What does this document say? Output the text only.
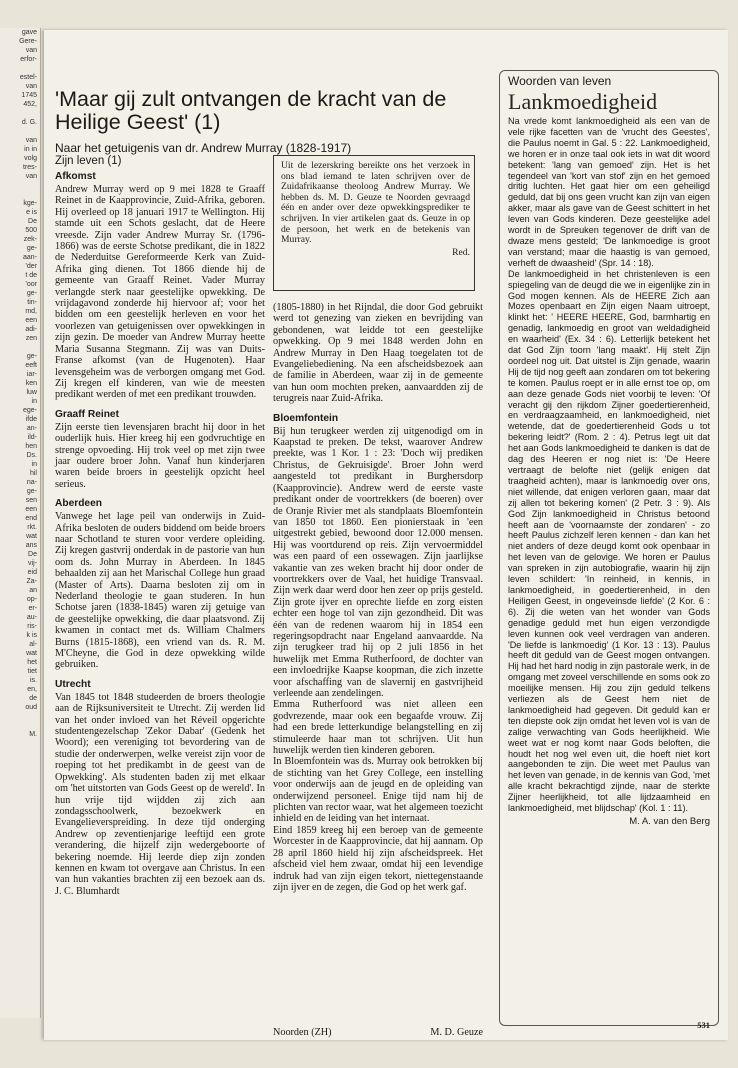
gave
Gere-
van
erfor-

estel-
van
1745
452,

d. G.

van
in in
volg
tres-
van

kge-
e is
De
500
zek-
ge-
aan-
'der
t de
'oor
ge-
tin-
md,
een
adi-
zen

ge-
eeft
iar-
ken
luw
in
ege-
ifde
an-
ild-
hen
Ds.
in
hil
na-
ge-
sen
een
end
rkt.
wat
ans
De
vij-
eid
Za-
an
op-
er-
au-
ris-
k is
al-
wat
het
tiet
is.
en,
de
oud

M.
'Maar gij zult ontvangen de kracht van de Heilige Geest' (1)
Naar het getuigenis van dr. Andrew Murray (1828-1917)
Zijn leven (1)
Afkomst

Andrew Murray werd op 9 mei 1828 te Graaff Reinet in de Kaapprovincie, Zuid-Afrika, geboren. Hij overleed op 18 januari 1917 te Wellington. Hij stamde uit een Schots geslacht, dat de Heere vreesde. Zijn vader Andrew Murray Sr. (1796-1866) was de eerste Schotse predikant, die in 1822 de Nederduitse Gereformeerde Kerk van Zuid-Afrika ging dienen. Tot 1866 diende hij de gemeente van Graaff Reinet. Vader Murray verlangde sterk naar geestelijke opwekking. De vrijdagavond zonderde hij hiervoor af; voor het bidden om een geestelijk herleven en voor het voorlezen van getuigenissen over opwekkingen in zijn gezin. De moeder van Andrew Murray heette Maria Susanna Stegmann. Zij was van Duits-Franse afkomst (van de Hugenoten). Haar levensgeheim was de verborgen omgang met God. Zij kregen elf kinderen, van wie de meesten predikant werden of met een predikant trouwden.

Graaff Reinet

Zijn eerste tien levensjaren bracht hij door in het ouderlijk huis. Hier kreeg hij een godvruchtige en strenge opvoeding. Hij trok veel op met zijn twee jaar oudere broer John. Vanaf hun kinderjaren waren beide broers in geestelijk opzicht heel serieus.

Aberdeen

Vanwege het lage peil van onderwijs in Zuid-Afrika besloten de ouders biddend om beide broers naar Schotland te sturen voor verdere opleiding. Zij kregen gastvrij onderdak in de pastorie van hun oom ds. John Murray in Aberdeen. In 1845 behaalden zij aan het Marischal College hun graad (Master of Arts). Daarna besloten zij om in Nederland theologie te gaan studeren. In hun Schotse jaren (1838-1845) waren zij getuige van de geestelijke opwekking, die daar plaatsvond. Zij kwamen in contact met ds. William Chalmers Burns (1815-1868), een vriend van ds. R. M. M'Cheyne, die God in deze opwekking wilde gebruiken.

Utrecht

Van 1845 tot 1848 studeerden de broers theologie aan de Rijksuniversiteit te Utrecht. Zij werden lid van het onder invloed van het Réveil opgerichte studentengezelschap 'Zekor Dabar' (Gedenk het Woord); een vereniging tot bevordering van de studie der onderwerpen, welke vereist zijn voor de roeping tot het predikambt in de geest van de Opwekking'. Als studenten baden zij met elkaar om 'het uitstorten van Gods Geest op de wereld'. In hun vrije tijd wijdden zij zich aan zondagsschoolwerk, bezoekwerk en Evangelieverspreiding. In deze tijd onderging Andrew op zeventienjarige leeftijd een grote verandering, die hijzelf zijn wedergeboorte of bekering noemde. Hij leerde diep zijn zonden kennen en kwam tot overgave aan Christus. In een van hun vakanties brachten zij een bezoek aan ds. J. C. Blumhardt

Uit de lezerskring bereikte ons het verzoek in ons blad iemand te laten schrijven over de Zuidafrikaanse theoloog Andrew Murray. We hebben ds. M. D. Geuze te Noorden gevraagd één en ander over deze opwekkingsprediker te schrijven. In vier artikelen gaat ds. Geuze in op de persoon, het werk en de betekenis van Murray.

Red.

(1805-1880) in het Rijndal, die door God gebruikt werd tot genezing van zieken en bevrijding van gebondenen, wat leidde tot een geestelijke opwekking. Op 9 mei 1848 werden John en Andrew Murray in Den Haag toegelaten tot de Evangeliebediening. Na een afscheidsbezoek aan de familie in Aberdeen, waar zij in de gemeente van hun oom mochten preken, aanvaardden zij de terugreis naar Zuid-Afrika.

Bloemfontein

Bij hun terugkeer werden zij uitgenodigd om in Kaapstad te preken. De tekst, waarover Andrew preekte, was 1 Kor. 1 : 23: 'Doch wij prediken Christus, de Gekruisigde'. Broer John werd aangesteld tot predikant in Burghersdorp (Kaapprovincie). Andrew werd de eerste vaste predikant onder de voortrekkers (de boeren) over de Oranje Rivier met als standplaats Bloemfontein van 1850 tot 1860. Een pionierstaak in 'een uitgestrekt gebied, bewoond door 12.000 mensen. Hij was voortdurend op reis. Zijn vervoermiddel was een paard of een ossewagen. Zijn jaarlijkse vakantie van zes weken bracht hij door onder de voortrekkers over de Vaal, het huidige Transvaal. Zijn werk daar werd door hen zeer op prijs gesteld. Zijn grote ijver en oprechte liefde en zorg eisten echter een hoge tol van zijn gezondheid. Dit was één van de redenen waarom hij in 1854 een regeringsopdracht naar Engeland aanvaardde. Na zijn terugkeer trad hij op 2 juli 1856 in het huwelijk met Emma Rutherfoord, de dochter van een invloedrijke Kaapse koopman, die zich inzette voor afschaffing van de slavernij en gastvrijheid verleende aan zendelingen.

Emma Rutherfoord was niet alleen een godvrezende, maar ook een begaafde vrouw. Zij had een brede letterkundige belangstelling en zij stimuleerde haar man tot schrijven. Uit hun huwelijk werden tien kinderen geboren.

In Bloemfontein was ds. Murray ook betrokken bij de stichting van het Grey College, een instelling voor onderwijs aan de jeugd en de opleiding van onderwijzend personeel. Enige tijd nam hij de plichten van rector waar, wat het algemeen toezicht inhield en de leiding van het internaat.

Eind 1859 kreeg hij een beroep van de gemeente Worcester in de Kaapprovincie, dat hij aannam. Op 28 april 1860 hield hij zijn afscheidspreek. Het afscheid viel hem zwaar, omdat hij een levendige indruk had van zijn eigen tekort, niettegenstaande zijn ijver en de zegen, die God op het werk gaf.

Noorden (ZH)	M. D. Geuze
Woorden van leven
Lankmoedigheid

Na vrede komt lankmoedigheid als een van de vele rijke facetten van de 'vrucht des Geestes', die Paulus noemt in Gal. 5 : 22. Lankmoedigheid, we horen er in onze taal ook iets in wat dit woord betekent: 'lang van gemoed' zijn. Het is het tegendeel van 'kort van stof' zijn en het gemoed dritig luchten. Het gaat hier om een geheiligd geduld, dat bij ons geen vrucht kan zijn van eigen akker, maar als gave van de Geest schittert in het leven van Gods kinderen. Deze geestelijke adel wordt in de Spreuken tegenover de drift van de dwaze mens gesteld; 'De lankmoedige is groot van verstand; maar die haastig is van gemoed, verheft de dwaasheid' (Spr. 14 : 18).

De lankmoedigheid in het christenleven is een spiegeling van de deugd die we in eigenlijke zin in God mogen kennen. Als de HEERE Zich aan Mozes openbaart en Zijn eigen Naam uitroept, klinkt het: ' HEERE HEERE, God, barmhartig en genadig, lankmoedig en groot van weldadigheid en waarheid' (Ex. 34 : 6). Letterlijk betekent het dat God Zijn toorn 'lang maakt'. Hij stelt Zijn oordeel nog uit. Dat uitstel is Zijn genade, waarin Hij de tijd nog geeft aan zondaren om tot bekering te komen. Paulus roept er in alle ernst toe op, om aan deze genade Gods niet voorbij te leven: 'Of veracht gij den rijkdom Zijner goedertierenheid, en verdraagzaamheid, en lankmoedigheid, niet wetende, dat de goedertierenheid Gods u tot bekering leidt?' (Rom. 2 : 4). Petrus legt uit dat het aan Gods lankmoedigheid te danken is dat de dag des Heeren er nog niet is: 'De Heere vertraagt de belofte niet (gelijk enigen dat traagheid achten), maar is lankmoedig over ons, niet willende, dat enigen verloren gaan, maar dat zij allen tot bekering komen' (2 Petr. 3 : 9). Als God Zijn lankmoedigheid in Christus betoond heeft aan de 'voornaamste der zondaren' - zo heeft Paulus zichzelf leren kennen - dan kan het niet anders of deze deugd komt ook openbaar in het leven van de gelovige. We horen er Paulus van spreken in zijn autobiografie, waarin hij zijn leven schildert: 'In reinheid, in kennis, in lankmoedigheid, in goedertierenheid, in den Heiligen Geest, in ongeveinsde liefde' (2 Kor. 6 : 6). Zij die weten van het wonder van Gods genadige geduld met hun eigen verzondigde leven kunnen ook veel verdragen van anderen. 'De liefde is lankmoedig' (1 Kor. 13 : 13). Paulus heeft dit geduld van de Geest mogen ontvangen. Hij had het hard nodig in zijn pastorale werk, in de omgang met zoveel verschillende en soms ook zo moeilijke mensen. Hij zou zijn geduld telkens verliezen als de Geest hem niet de lankmoedigheid had gegeven. Dit geduld kan er ten diepste ook zijn omdat het leven vol is van de zalige verwachting van Gods heerlijkheid. Wie weet wat er nog komt naar Gods beloften, die houdt het nog wel even uit, die hoeft niet kort aangebonden te zijn. Die weet met Paulus van het leven van genade, in de kennis van God, 'met alle kracht bekrachtigd zijnde, naar de sterkte Zijner heerlijkheid, tot alle lijdzaamheid en lankmoedigheid, met blijdschap' (Kol. 1 : 11).

M. A. van den Berg
531
